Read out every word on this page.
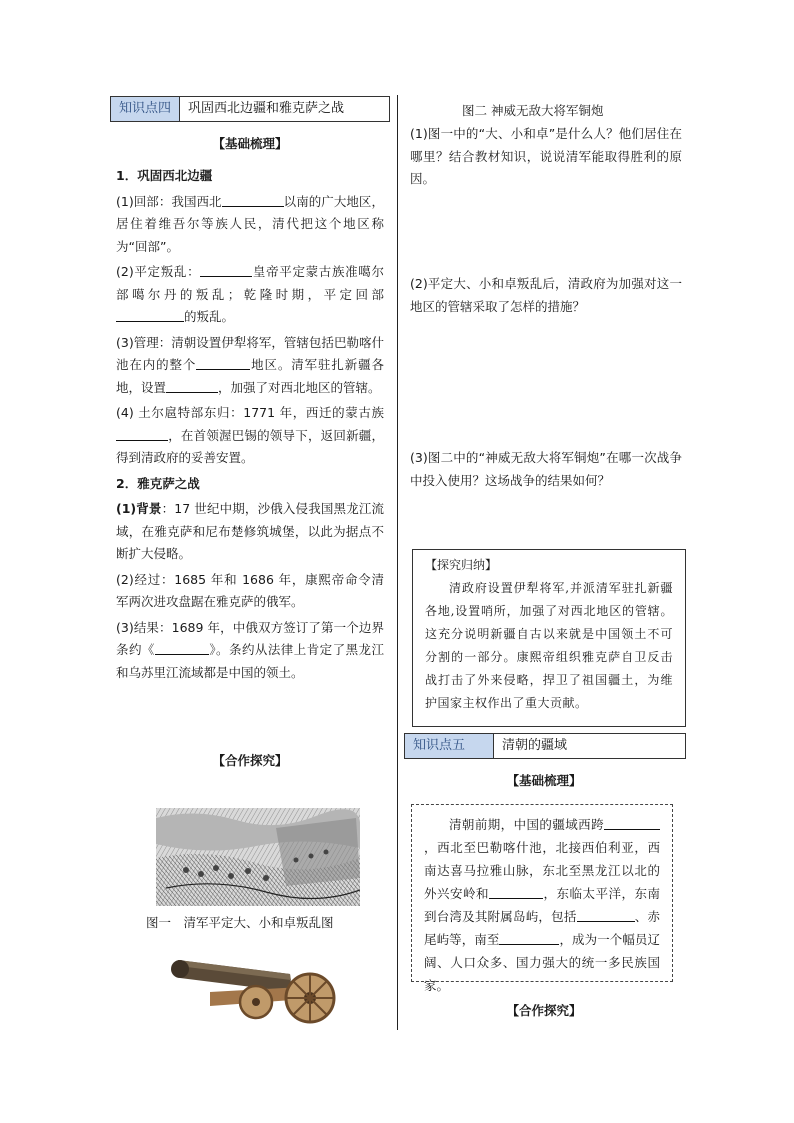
知识点四	巩固西北边疆和雅克萨之战
【基础梳理】

1．巩固西北边疆

(1)回部：我国西北	以南的广大地区，居住着维吾尔等族人民，清代把这个地区称为“回部”。

(2)平定叛乱：	皇帝平定蒙古族准噶尔部噶尔丹的叛乱；乾隆时期，平定回部的叛乱。

(3)管理：清朝设置伊犁将军，管辖包括巴勒喀什池在内的整个	地区。清军驻扎新疆各地，设置	，加强了对西北地区的管辖。

(4) 土尔扈特部东归：1771 年，西迁的蒙古族，在首领渥巴锡的领导下，返回新疆，得到清政府的妥善安置。

2．雅克萨之战

(1)背景：17 世纪中期，沙俄入侵我国黑龙江流域，在雅克萨和尼布楚修筑城堡，以此为据点不断扩大侵略。

(2)经过：1685 年和 1686 年，康熙帝命令清军两次进攻盘踞在雅克萨的俄军。

(3)结果：1689 年，中俄双方签订了第一个边界条约《	》。条约从法律上肯定了黑龙江和乌苏里江流域都是中国的领土。

【合作探究】
图一　清军平定大、小和卓叛乱图
图二 神威无敌大将军铜炮
(1)图一中的“大、小和卓”是什么人？他们居住在哪里？结合教材知识，说说清军能取得胜利的原因。
(2)平定大、小和卓叛乱后，清政府为加强对这一地区的管辖采取了怎样的措施？
(3)图二中的“神威无敌大将军铜炮”在哪一次战争中投入使用？这场战争的结果如何？
【探究归纳】
清政府设置伊犁将军,并派清军驻扎新疆各地,设置哨所，加强了对西北地区的管辖。这充分说明新疆自古以来就是中国领土不可分割的一部分。康熙帝组织雅克萨自卫反击战打击了外来侵略，捍卫了祖国疆土，为维护国家主权作出了重大贡献。
知识点五	清朝的疆域
【基础梳理】
清朝前期，中国的疆域西跨，西北至巴勒喀什池，北接西伯利亚，西南达喜马拉雅山脉，东北至黑龙江以北的外兴安岭和	，东临太平洋，东南到台湾及其附属岛屿，包括	、赤尾屿等，南至	，成为一个幅员辽阔、人口众多、国力强大的统一多民族国家。
【合作探究】
